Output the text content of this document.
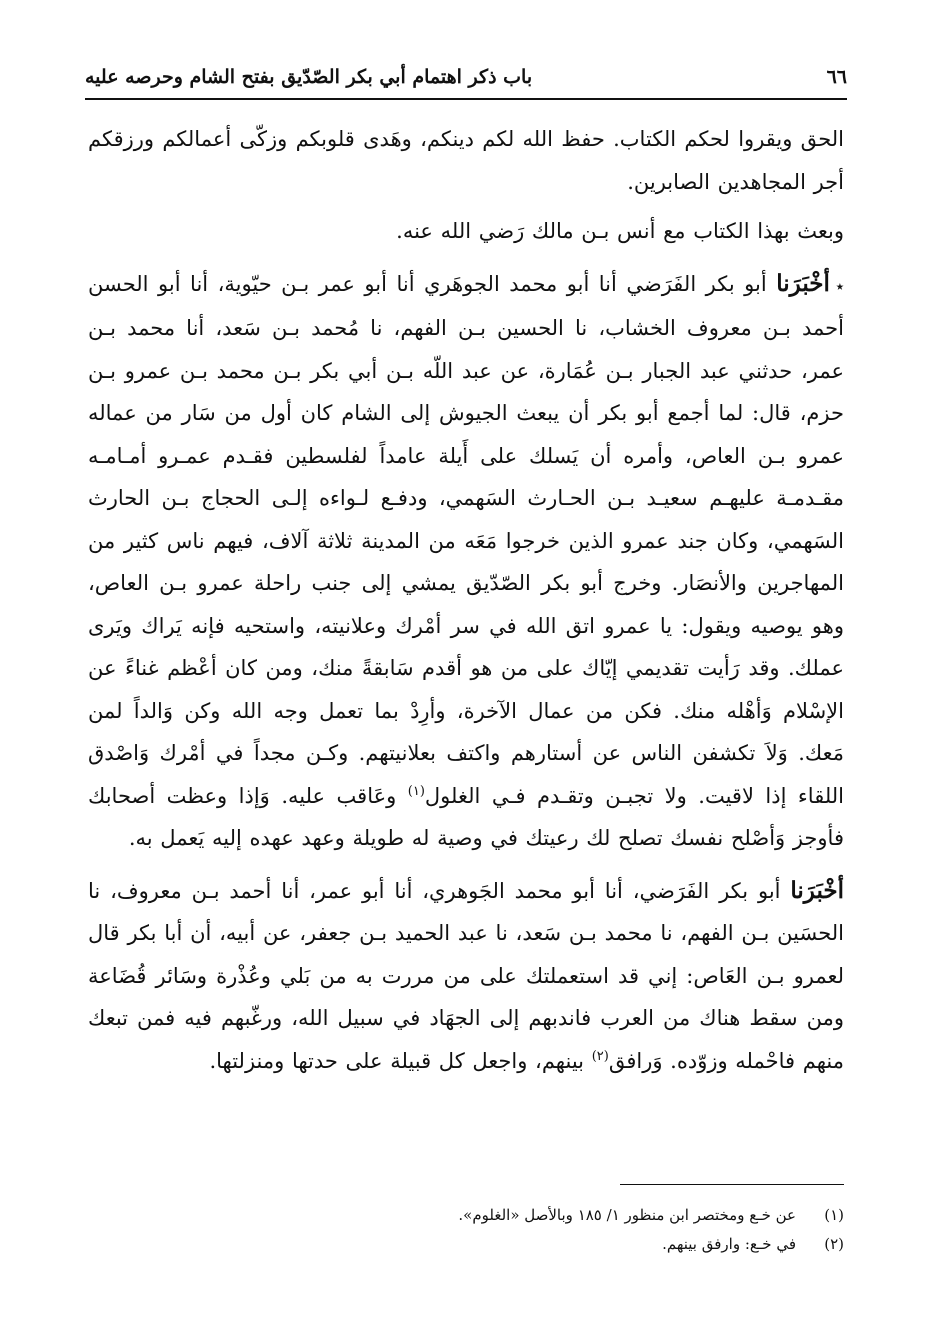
٦٦
باب ذكر اهتمام أبي بكر الصّدّيق بفتح الشام وحرصه عليه

الحق ويقروا لحكم الكتاب. حفظ الله لكم دينكم، وهَدى قلوبكم وزكّى أعمالكم ورزقكم أجر المجاهدين الصابرين.

وبعث بهذا الكتاب مع أنس بـن مالك رَضي الله عنه.

⭑أخْبَرَنا أبو بكر الفَرَضي أنا أبو محمد الجوهَري أنا أبو عمر بـن حيّوية، أنا أبو الحسن أحمد بـن معروف الخشاب، نا الحسين بـن الفهم، نا مُحمد بـن سَعد، أنا محمد بـن عمر، حدثني عبد الجبار بـن عُمَارة، عن عبد اللّه بـن أبي بكر بـن محمد بـن عمرو بـن حزم، قال: لما أجمع أبو بكر أن يبعث الجيوش إلى الشام كان أول من سَار من عماله عمرو بـن العاص، وأمره أن يَسلك على أَيلة عامداً لفلسطين فقـدم عمـرو أمـامـه مقـدمـة عليهـم سعيـد بـن الحـارث السَهمي، ودفـع لـواءه إلـى الحجاج بـن الحارث السَهمي، وكان جند عمرو الذين خرجوا مَعَه من المدينة ثلاثة آلاف، فيهم ناس كثير من المهاجرين والأنصَار. وخرج أبو بكر الصّدّيق يمشي إلى جنب راحلة عمرو بـن العاص، وهو يوصيه ويقول: يا عمرو اتق الله في سر أمْرك وعلانيته، واستحيه فإنه يَراك ويَرى عملك. وقد رَأيت تقديمي إيّاك على من هو أقدم سَابقةً منك، ومن كان أعْظم غناءً عن الإسْلام وَأهْله منك. فكن من عمال الآخرة، وأرِدْ بما تعمل وجه الله وكن وَالداً لمن مَعك. وَلاَ تكشفن الناس عن أستارهم واكتف بعلانيتهم. وكـن مجداً في أمْرك وَاصْدق اللقاء إذا لاقيت. ولا تجبـن وتقـدم فـي الغلول$^{(١)}$ وعَاقب عليه. وَإذا وعظت أصحابك فأوجز وَأصْلح نفسك تصلح لك رعيتك في وصية له طويلة وعهد عهده إليه يَعمل به.

أخْبَرَنا أبو بكر الفَرَضي، أنا أبو محمد الجَوهري، أنا أبو عمر، أنا أحمد بـن معروف، نا الحسَين بـن الفهم، نا محمد بـن سَعد، نا عبد الحميد بـن جعفر، عن أبيه، أن أبا بكر قال لعمرو بـن العَاص: إني قد استعملتك على من مررت به من بَلي وعُذْرة وسَائر قُضَاعة ومن سقط هناك من العرب فاندبهم إلى الجهَاد في سبيل الله، ورغّبهم فيه فمن تبعك منهم فاحْمله وزوّده. وَرافق$^{(٢)}$ بينهم، واجعل كل قبيلة على حدتها ومنزلتها.

(١)
عن خـع ومختصر ابن منظور ١/ ١٨٥ وبالأصل «الغلوم».
(٢)
في خـع: وارفق بينهم.
